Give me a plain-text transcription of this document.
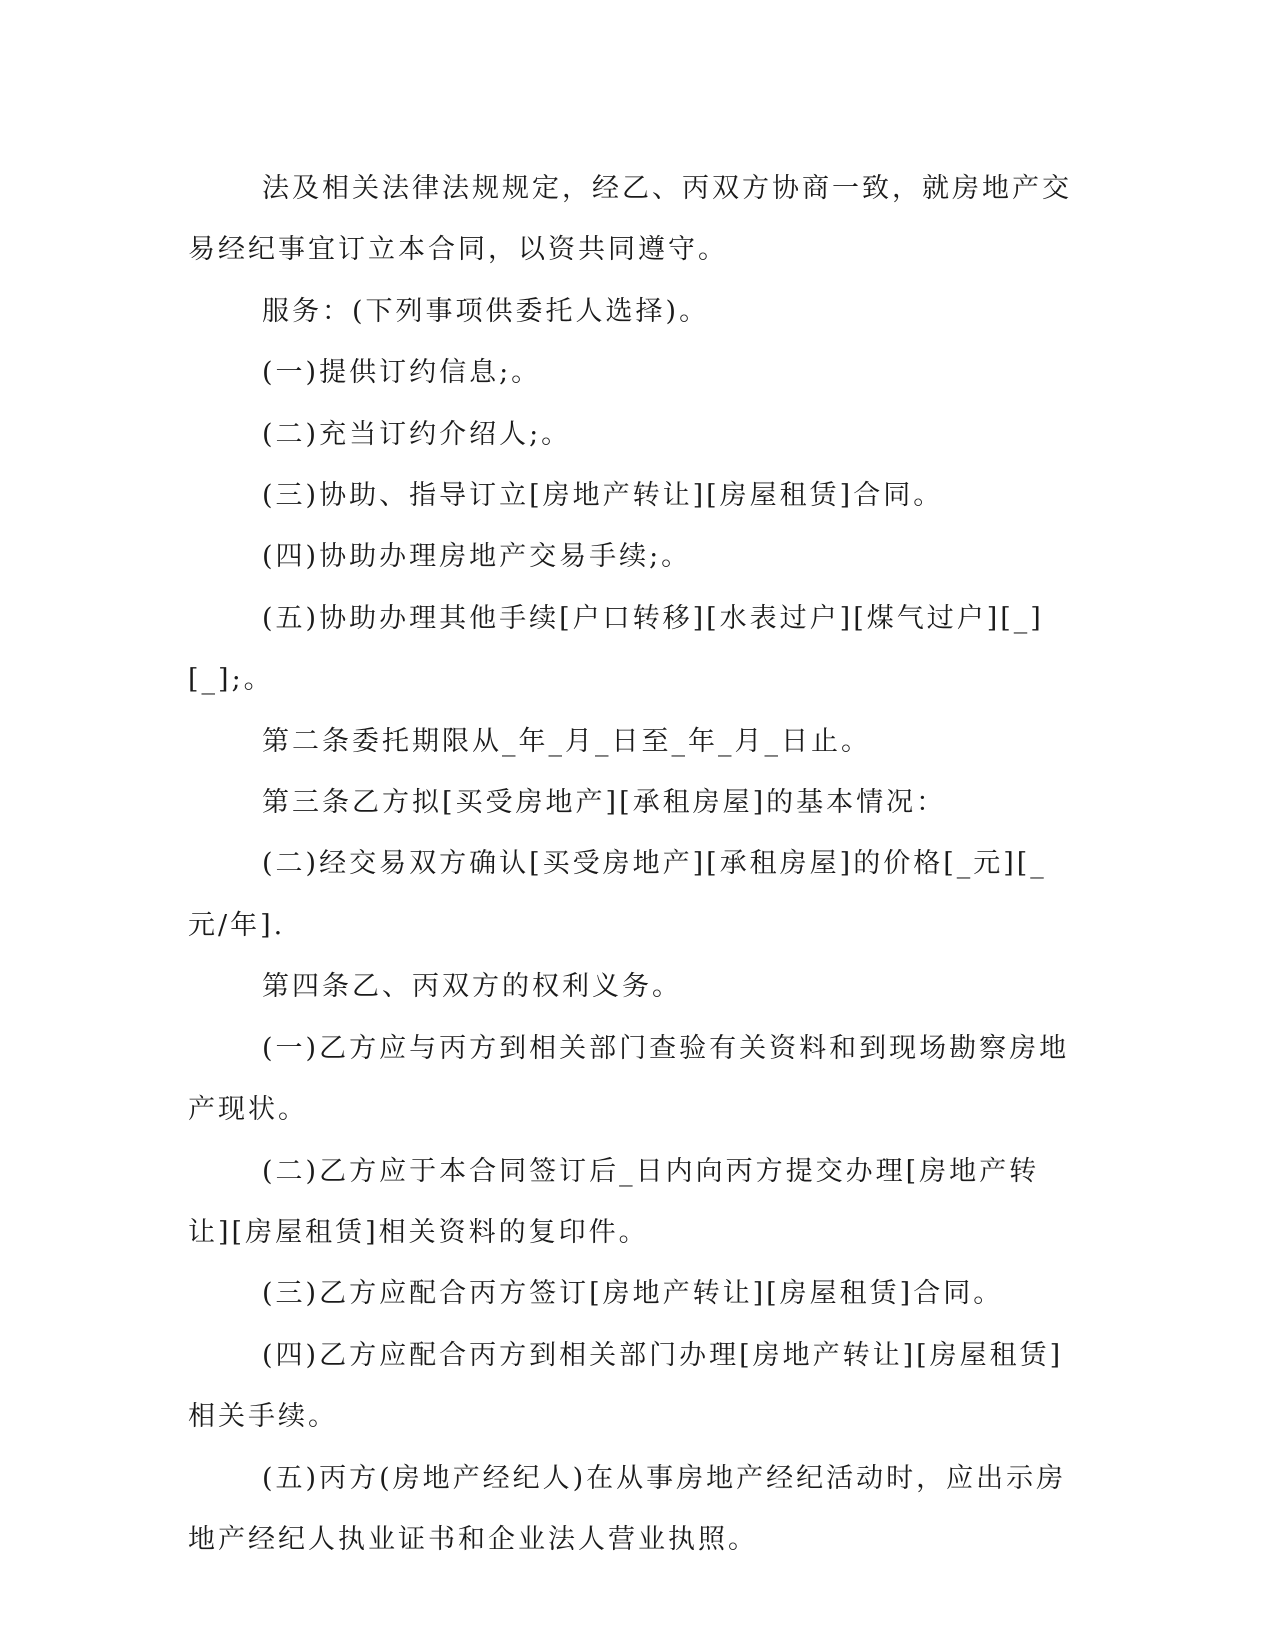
法及相关法律法规规定，经乙、丙双方协商一致，就房地产交易经纪事宜订立本合同，以资共同遵守。

服务：(下列事项供委托人选择)。

(一)提供订约信息;。

(二)充当订约介绍人;。

(三)协助、指导订立[房地产转让][房屋租赁]合同。

(四)协助办理房地产交易手续;。

(五)协助办理其他手续[户口转移][水表过户][煤气过户][_][_];。

第二条委托期限从_年_月_日至_年_月_日止。

第三条乙方拟[买受房地产][承租房屋]的基本情况：

(二)经交易双方确认[买受房地产][承租房屋]的价格[_元][_元/年].

第四条乙、丙双方的权利义务。

(一)乙方应与丙方到相关部门查验有关资料和到现场勘察房地产现状。

(二)乙方应于本合同签订后_日内向丙方提交办理[房地产转让][房屋租赁]相关资料的复印件。

(三)乙方应配合丙方签订[房地产转让][房屋租赁]合同。

(四)乙方应配合丙方到相关部门办理[房地产转让][房屋租赁]相关手续。

(五)丙方(房地产经纪人)在从事房地产经纪活动时，应出示房地产经纪人执业证书和企业法人营业执照。
